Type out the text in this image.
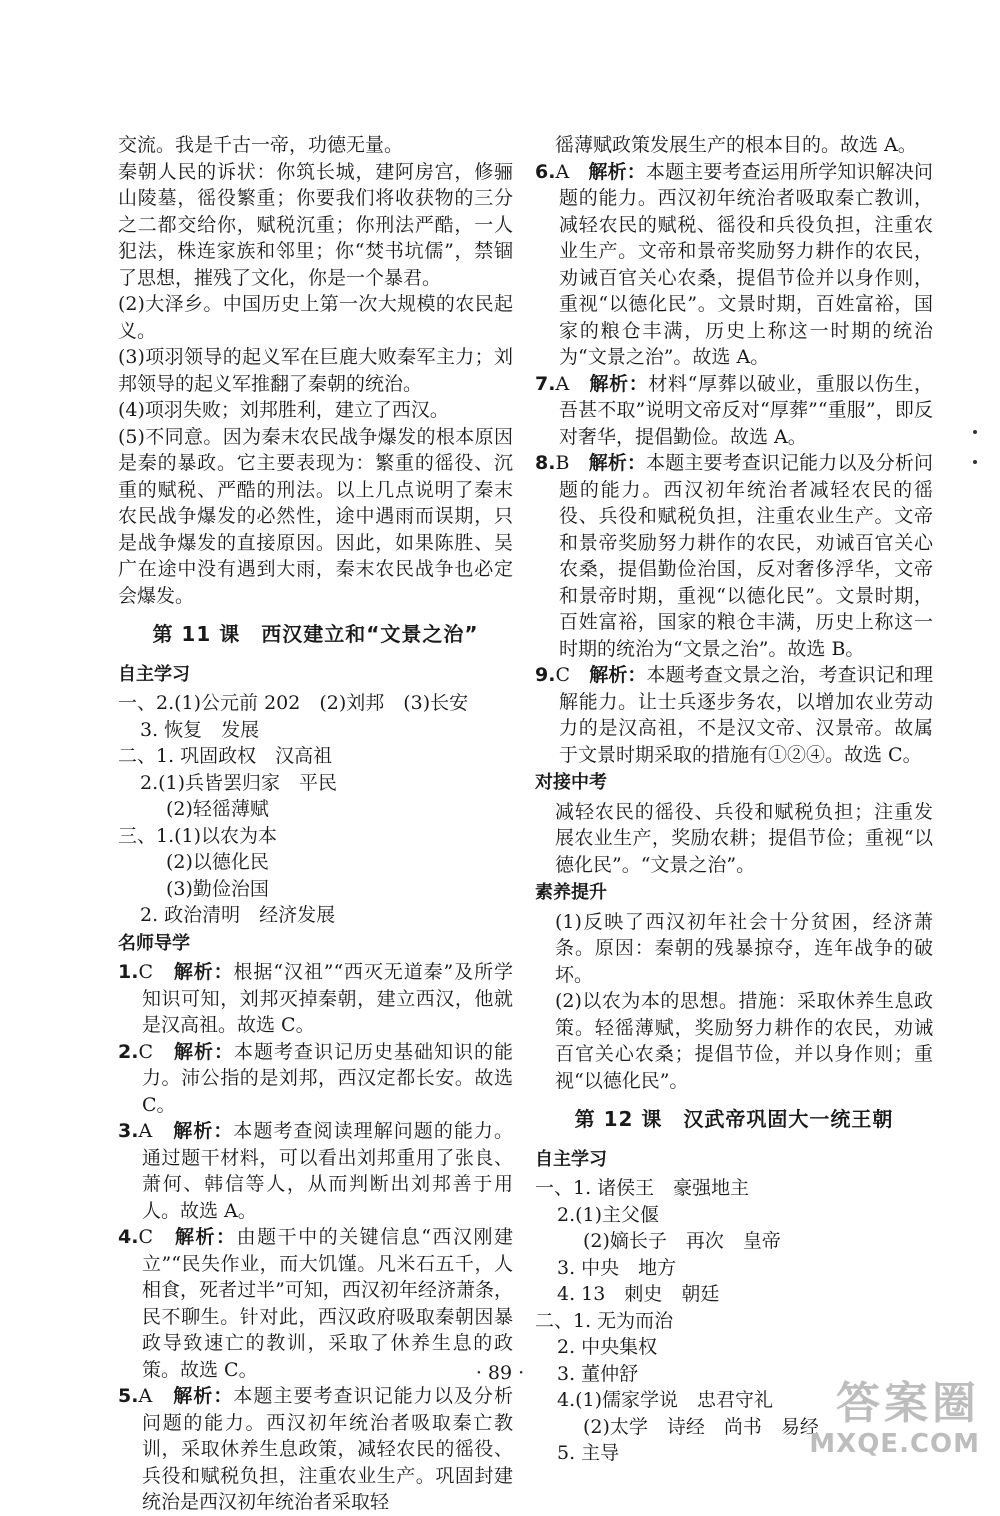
交流。我是千古一帝，功德无量。

秦朝人民的诉状：你筑长城，建阿房宫，修骊山陵墓，徭役繁重；你要我们将收获物的三分之二都交给你，赋税沉重；你刑法严酷，一人犯法，株连家族和邻里；你“焚书坑儒”，禁锢了思想，摧残了文化，你是一个暴君。

(2)大泽乡。中国历史上第一次大规模的农民起义。

(3)项羽领导的起义军在巨鹿大败秦军主力；刘邦领导的起义军推翻了秦朝的统治。

(4)项羽失败；刘邦胜利，建立了西汉。

(5)不同意。因为秦末农民战争爆发的根本原因是秦的暴政。它主要表现为：繁重的徭役、沉重的赋税、严酷的刑法。以上几点说明了秦末农民战争爆发的必然性，途中遇雨而误期，只是战争爆发的直接原因。因此，如果陈胜、吴广在途中没有遇到大雨，秦末农民战争也必定会爆发。

第 11 课　西汉建立和“文景之治”
自主学习

一、2.(1)公元前 202　(2)刘邦　(3)长安

3. 恢复　发展

二、1. 巩固政权　汉高祖

2.(1)兵皆罢归家　平民

(2)轻徭薄赋

三、1.(1)以农为本

(2)以德化民

(3)勤俭治国

2. 政治清明　经济发展

名师导学

1.C　 解析：根据“汉祖”“西灭无道秦”及所学知识可知，刘邦灭掉秦朝，建立西汉，他就是汉高祖。故选 C。

2.C　 解析：本题考查识记历史基础知识的能力。沛公指的是刘邦，西汉定都长安。故选 C。

3.A　 解析：本题考查阅读理解问题的能力。通过题干材料，可以看出刘邦重用了张良、萧何、韩信等人，从而判断出刘邦善于用人。故选 A。

4.C　 解析：由题干中的关键信息“西汉刚建立”“民失作业，而大饥馑。凡米石五千，人相食，死者过半”可知，西汉初年经济萧条，民不聊生。针对此，西汉政府吸取秦朝因暴政导致速亡的教训，采取了休养生息的政策。故选 C。

5.A　 解析：本题主要考查识记能力以及分析问题的能力。西汉初年统治者吸取秦亡教训，采取休养生息政策，减轻农民的徭役、兵役和赋税负担，注重农业生产。巩固封建统治是西汉初年统治者采取轻

徭薄赋政策发展生产的根本目的。故选 A。

6.A　 解析：本题主要考查运用所学知识解决问题的能力。西汉初年统治者吸取秦亡教训，减轻农民的赋税、徭役和兵役负担，注重农业生产。文帝和景帝奖励努力耕作的农民，劝诫百官关心农桑，提倡节俭并以身作则，重视“以德化民”。文景时期，百姓富裕，国家的粮仓丰满，历史上称这一时期的统治为“文景之治”。故选 A。

7.A　 解析：材料“厚葬以破业，重服以伤生，吾甚不取”说明文帝反对“厚葬”“重服”，即反对奢华，提倡勤俭。故选 A。

8.B　 解析：本题主要考查识记能力以及分析问题的能力。西汉初年统治者减轻农民的徭役、兵役和赋税负担，注重农业生产。文帝和景帝奖励努力耕作的农民，劝诫百官关心农桑，提倡勤俭治国，反对奢侈浮华，文帝和景帝时期，重视“以德化民”。文景时期，百姓富裕，国家的粮仓丰满，历史上称这一时期的统治为“文景之治”。故选 B。

9.C　 解析：本题考查文景之治，考查识记和理解能力。让士兵逐步务农，以增加农业劳动力的是汉高祖，不是汉文帝、汉景帝。故属于文景时期采取的措施有①②④。故选 C。

对接中考

减轻农民的徭役、兵役和赋税负担；注重发展农业生产，奖励农耕；提倡节俭；重视“以德化民”。“文景之治”。

素养提升

(1)反映了西汉初年社会十分贫困，经济萧条。原因：秦朝的残暴掠夺，连年战争的破坏。

(2)以农为本的思想。措施：采取休养生息政策。轻徭薄赋，奖励努力耕作的农民，劝诫百官关心农桑；提倡节俭，并以身作则；重视“以德化民”。

第 12 课　汉武帝巩固大一统王朝
自主学习

一、1. 诸侯王　豪强地主

2.(1)主父偃

(2)嫡长子　再次　皇帝

3. 中央　地方

4. 13　刺史　朝廷

二、1. 无为而治

2. 中央集权

3. 董仲舒

4.(1)儒家学说　忠君守礼

(2)太学　诗经　尚书　易经

5. 主导

· 89 ·
答案圈
MXQE.COM
